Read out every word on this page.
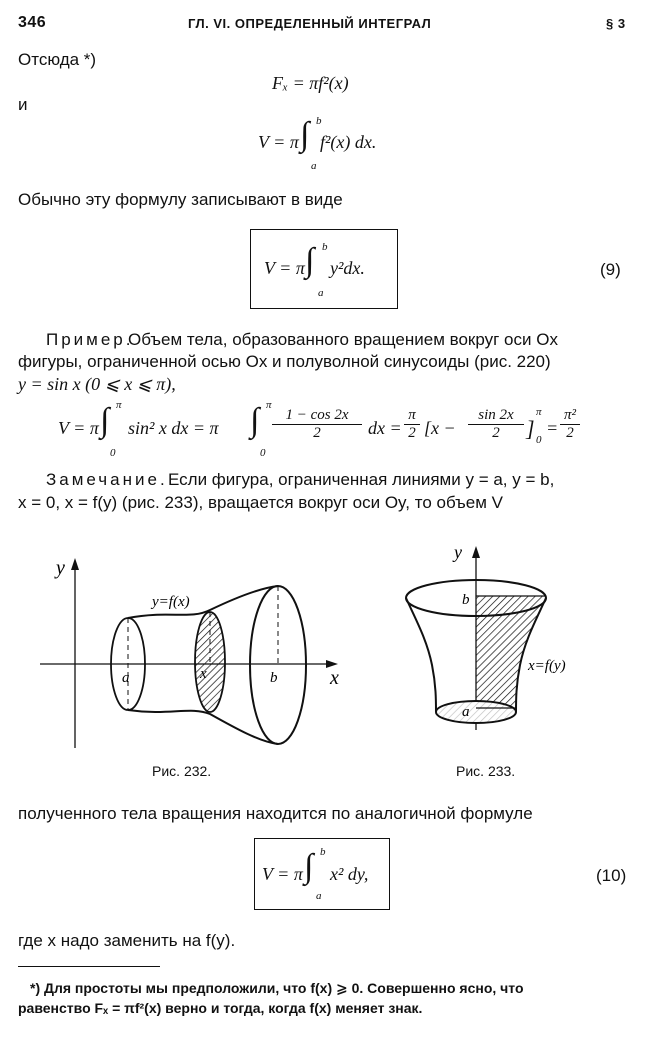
346	ГЛ. VI. ОПРЕДЕЛЕННЫЙ ИНТЕГРАЛ	§ 3
Отсюда *)
Fₓ = πf²(x)
и
V = π ∫ b
a
f²(x) dx.
Обычно эту формулу записывают в виде
V = π ∫ b
a
y²dx.	(9)
Пример.
Объем тела, образованного вращением вокруг оси Ox
фигуры, ограниченной осью Ox и полуволной синусоиды (рис. 220)
y = sin x (0 ⩽ x ⩽ π),
V = π ∫ π
0
sin² x dx = π ∫ π
0
$\frac{1 - \cos 2x}{2}$ dx = $\frac{\pi}{2} [x - \frac{\sin 2x}{2}$ ]
π
0
= $\frac{\text{π²}}{2}$
Замечание. Если фигура, ограниченная линиями y = a, y = b,
x = 0, x = f(y) (рис. 233), вращается вокруг оси Oy, то объем V
y
x
y=f(x)
a	x	b
Рис. 232.
y
b
a
x=f(y)
Рис. 233.
полученного тела вращения находится по аналогичной формуле
V = π ∫ b
a
x² dy,	(10)
где x надо заменить на f(y).
*) Для простоты мы предположили, что f(x) ⩾ 0. Совершенно ясно, что
равенство Fₓ = πf²(x) верно и тогда, когда f(x) меняет знак.
